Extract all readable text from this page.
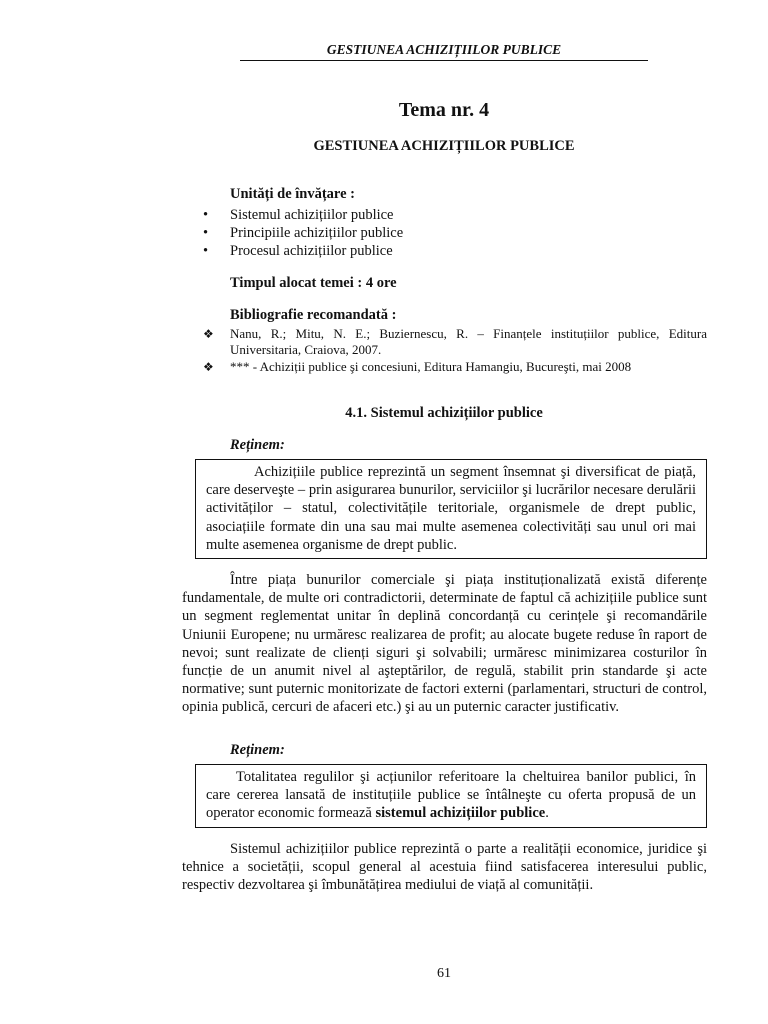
GESTIUNEA ACHIZIȚIILOR PUBLICE
Tema nr. 4
GESTIUNEA ACHIZIȚIILOR PUBLICE
Unități de învățare :
• Sistemul achizițiilor publice
• Principiile achizițiilor publice
• Procesul achizițiilor publice
Timpul alocat temei : 4 ore
Bibliografie recomandată :
❖ Nanu, R.; Mitu, N. E.; Buziernescu, R. – Finanțele instituțiilor publice, Editura Universitaria, Craiova, 2007.
❖ *** - Achiziții publice şi concesiuni, Editura Hamangiu, Bucureşti, mai 2008
4.1. Sistemul achizițiilor publice
Reținem:
Achizițiile publice reprezintă un segment însemnat şi diversificat de piață, care deserveşte – prin asigurarea bunurilor, serviciilor şi lucrărilor necesare derulării activităților – statul, colectivitățile teritoriale, organismele de drept public, asociațiile formate din una sau mai multe asemenea colectivități sau unul ori mai multe asemenea organisme de drept public.

Între piața bunurilor comerciale şi piața instituționalizată există diferențe fundamentale, de multe ori contradictorii, determinate de faptul că achizițiile publice sunt un segment reglementat unitar în deplină concordanță cu cerințele şi recomandările Uniunii Europene; nu urmăresc realizarea de profit; au alocate bugete reduse în raport de nevoi; sunt realizate de clienți siguri şi solvabili; urmăresc minimizarea costurilor în funcție de un anumit nivel al aşteptărilor, de regulă, stabilit prin standarde şi acte normative; sunt puternic monitorizate de factori externi (parlamentari, structuri de control, opinia publică, cercuri de afaceri etc.) şi au un puternic caracter justificativ.

Reținem:
Totalitatea regulilor şi acțiunilor referitoare la cheltuirea banilor publici, în care cererea lansată de instituțiile publice se întâlneşte cu oferta propusă de un operator economic formează sistemul achizițiilor publice.

Sistemul achizițiilor publice reprezintă o parte a realității economice, juridice şi tehnice a societății, scopul general al acestuia fiind satisfacerea interesului public, respectiv dezvoltarea şi îmbunătățirea mediului de viață al comunității.

61
